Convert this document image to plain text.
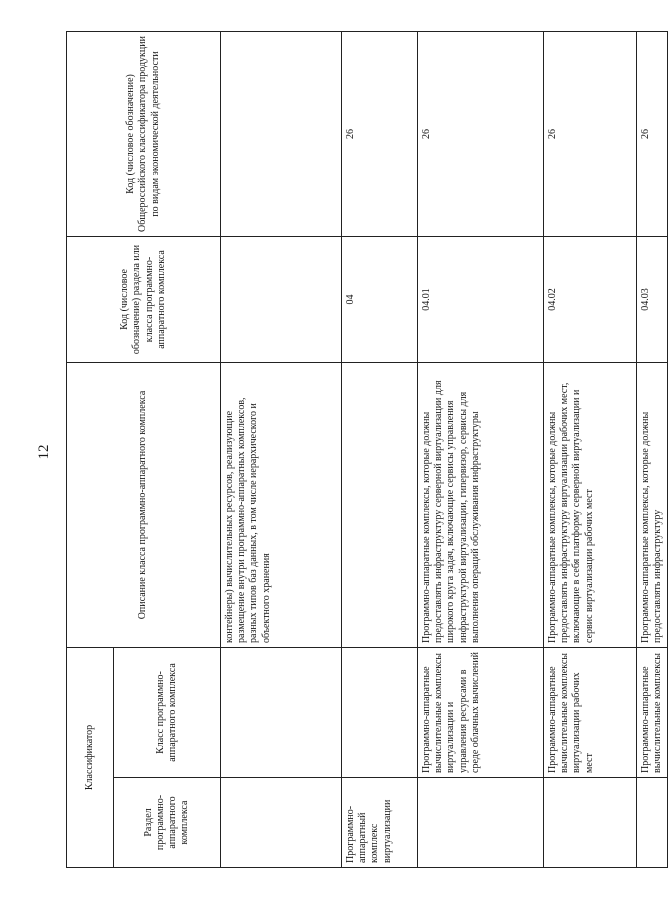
12
Классификатор		Описание класса программно-аппаратного комплекса	Код (числовое обозначение) раздела или класса программно-аппаратного комплекса	Код (числовое обозначение) Общероссийского классификатора продукции по видам экономической деятельности
Раздел программно-аппаратного комплекса	Класс программно-аппаратного комплекса			
		контейнеры) вычислительных ресурсов, реализующие размещение внутри программно-аппаратных комплексов, разных типов баз данных, в том числе иерархического и объектного хранения		
Программно-аппаратный комплекс виртуализации			04	26
	Программно-аппаратные вычислительные комплексы виртуализации и управления ресурсами в среде облачных вычислений	Программно-аппаратные комплексы, которые должны предоставлять инфраструктуру серверной виртуализации для широкого круга задач, включающие сервисы управления инфраструктурой виртуализации, гипервизор, сервисы для выполнения операций обслуживания инфраструктуры	04.01	26
	Программно-аппаратные вычислительные комплексы виртуализации рабочих мест	Программно-аппаратные комплексы, которые должны предоставлять инфраструктуру виртуализации рабочих мест, включающие в себя платформу серверной виртуализации и сервис виртуализации рабочих мест	04.02	26
	Программно-аппаратные вычислительные комплексы	Программно-аппаратные комплексы, которые должны предоставлять инфраструктуру	04.03	26
